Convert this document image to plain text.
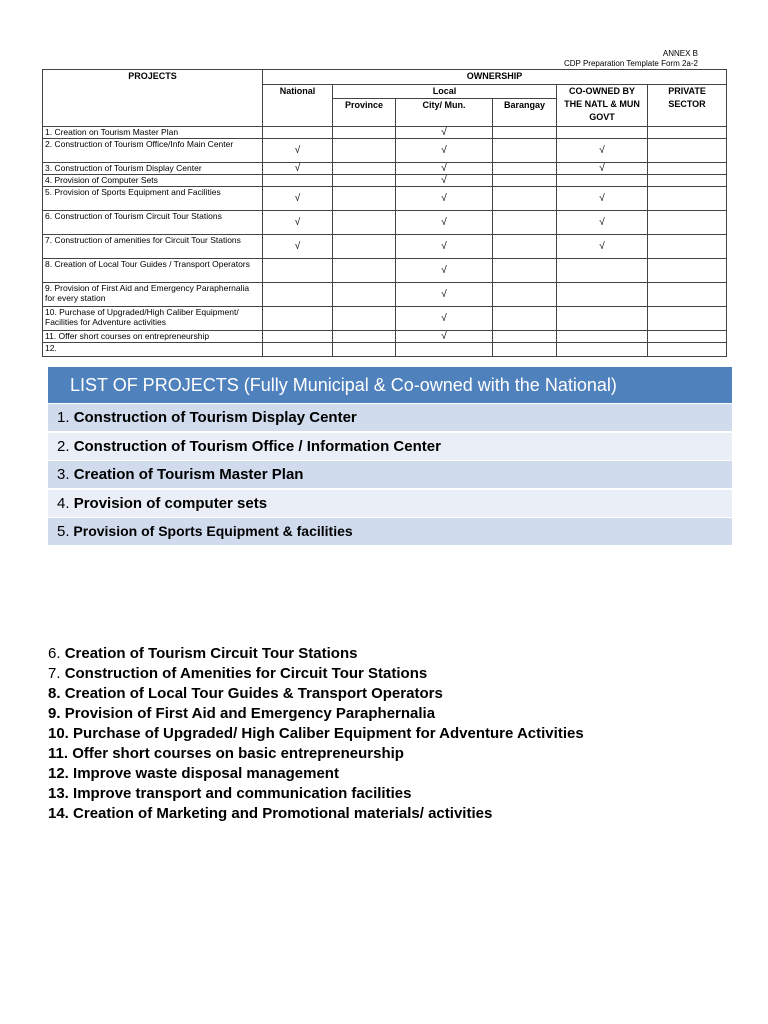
ANNEX B
CDP Preparation Template Form 2a-2
PROJECTS	OWNERSHIP					
	National	Local			CO-OWNED BY THE NATL & MUN GOVT	PRIVATE SECTOR
		Province	City/ Mun.	Barangay		

1. Creation on Tourism Master Plan			√			
2. Construction of Tourism Office/Info Main Center	√		√		√	
3. Construction of Tourism Display Center	√		√		√	
4. Provision of Computer Sets			√			
5. Provision of Sports Equipment and Facilities	√		√		√	
6. Construction of Tourism Circuit Tour Stations	√		√		√	
7. Construction of amenities for Circuit Tour Stations	√		√		√	
8. Creation of Local Tour Guides / Transport Operators			√			
9. Provision of First Aid and Emergency Paraphernalia for every station			√			
10. Purchase of Upgraded/High Caliber Equipment/ Facilities for Adventure activities			√			
11. Offer short courses on entrepreneurship			√			
12.						
LIST OF PROJECTS (Fully Municipal & Co-owned with the National)
1. Construction of Tourism Display Center
2. Construction of Tourism Office / Information Center
3. Creation of Tourism Master Plan
4. Provision of computer sets
5. Provision of Sports Equipment & facilities
6. Creation of Tourism Circuit Tour Stations
7. Construction of Amenities for Circuit Tour Stations
8. Creation of Local Tour Guides & Transport Operators
9. Provision of First Aid and Emergency Paraphernalia
10. Purchase of Upgraded/ High Caliber Equipment for Adventure Activities
11. Offer short courses on basic entrepreneurship
12. Improve waste disposal management
13. Improve transport and communication facilities
14. Creation of Marketing and Promotional materials/ activities
